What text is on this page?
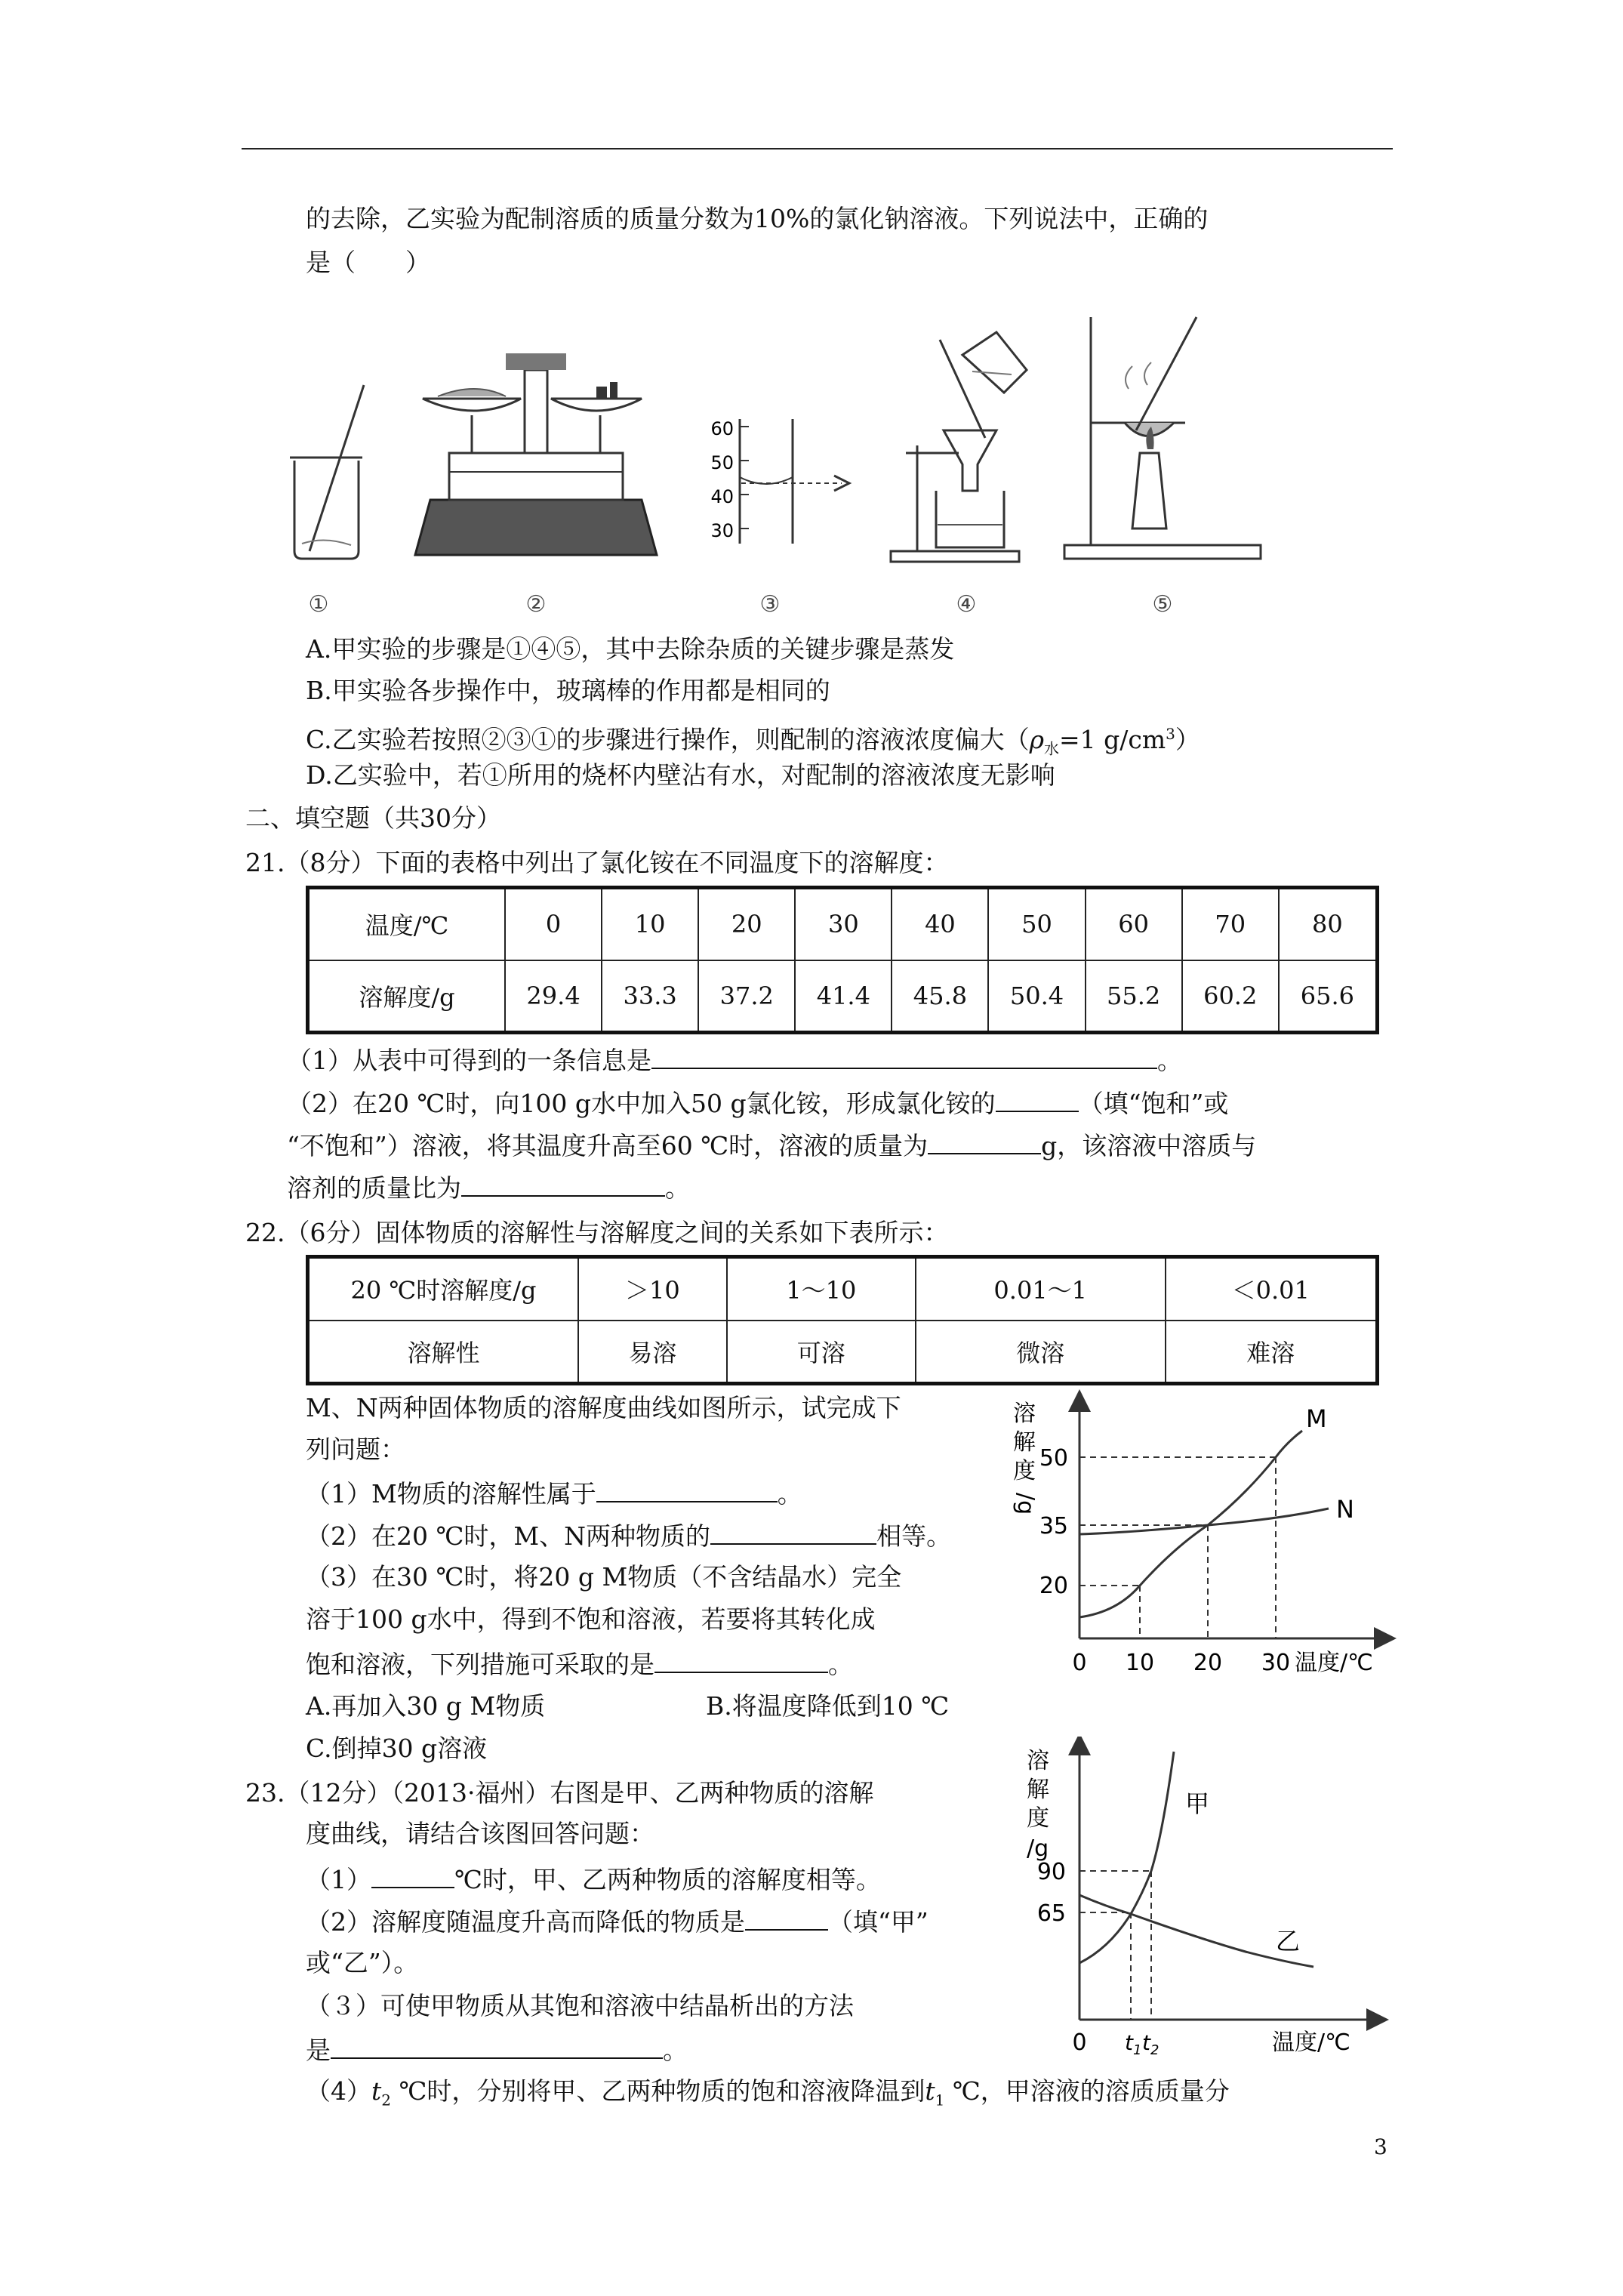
的去除，乙实验为配制溶质的质量分数为10%的氯化钠溶液。下列说法中，正确的
是（　　）
60
50
40
30
①	②	③	④	⑤
A.甲实验的步骤是①④⑤，其中去除杂质的关键步骤是蒸发
B.甲实验各步操作中，玻璃棒的作用都是相同的
C.乙实验若按照②③①的步骤进行操作，则配制的溶液浓度偏大（$\rho_水=1$ $g/cm^3$）
D.乙实验中，若①所用的烧杯内壁沾有水，对配制的溶液浓度无影响
二、填空题（共30分）
21.（8分）下面的表格中列出了氯化铵在不同温度下的溶解度：
温度/℃	0	10	20	30	40	50	60	70	80
溶解度/g	29.4	33.3	37.2	41.4	45.8	50.4	55.2	60.2	65.6
（1）从表中可得到的一条信息是	。
（2）在20 ℃时，向100 g水中加入50 g氯化铵，形成氯化铵的	（填“饱和”或
“不饱和”）溶液，将其温度升高至60 ℃时，溶液的质量为	g，该溶液中溶质与
溶剂的质量比为	。
22.（6分）固体物质的溶解性与溶解度之间的关系如下表所示：
20 ℃时溶解度/g	＞10	1～10	0.01～1	＜0.01
溶解性	易溶	可溶	微溶	难溶
M、N两种固体物质的溶解度曲线如图所示，试完成下
列问题：
（1）M物质的溶解性属于	。
（2）在20 ℃时，M、N两种物质的	相等。
（3）在30 ℃时，将20 g M物质（不含结晶水）完全
溶于100 g水中，得到不饱和溶液，若要将其转化成
饱和溶液，下列措施可采取的是	。
A.再加入30 g M物质	B.将温度降低到10 ℃
C.倒掉30 g溶液
溶
解
度
/g
50
35
20
0 10 20 30 温度/℃
M
N
23.（12分）（2013·福州）右图是甲、乙两种物质的溶解
度曲线，请结合该图回答问题：
（1）	℃时，甲、乙两种物质的溶解度相等。
（2）溶解度随温度升高而降低的物质是	（填“甲”
或“乙”）。
（３）可使甲物质从其饱和溶液中结晶析出的方法
是	。
$(4)t_2$ ℃时，分别将甲、乙两种物质的饱和溶液降温到$t_1$ ℃，甲溶液的溶质质量分
溶
解
度
/g
90
65
0 $t_1$ $t_2$	温度/℃
甲
乙
3
